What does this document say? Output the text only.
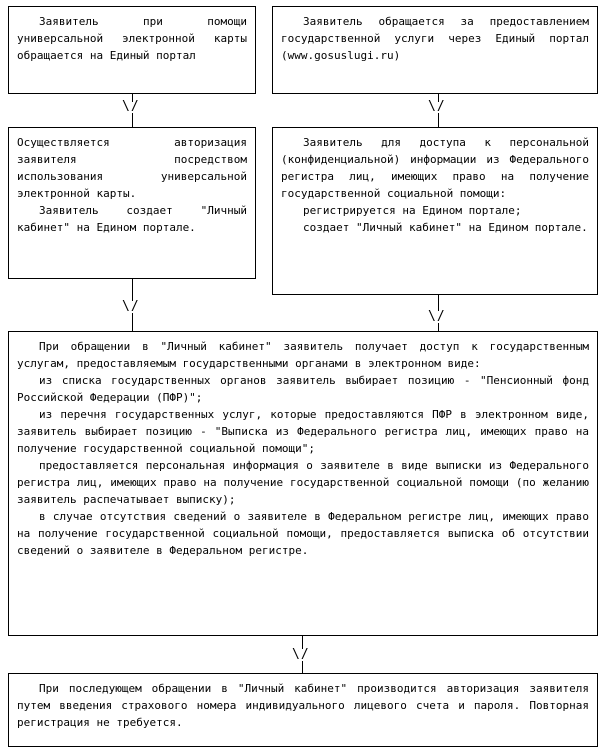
Заявитель при помощи универсальной электронной карты обращается на Единый портал

Заявитель обращается за предоставлением государственной услуги через Единый портал (www.gosuslugi.ru)

Осуществляется авторизация заявителя посредством использования универсальной электронной карты.

Заявитель создает "Личный кабинет" на Едином портале.

Заявитель для доступа к персональной (конфиденциальной) информации из Федерального регистра лиц, имеющих право на получение государственной социальной помощи:

регистрируется на Едином портале;

создает "Личный кабинет" на Едином портале.

При обращении в "Личный кабинет" заявитель получает доступ к государственным услугам, предоставляемым государственными органами в электронном виде:

из списка государственных органов заявитель выбирает позицию - "Пенсионный фонд Российской Федерации (ПФР)";

из перечня государственных услуг, которые предоставляются ПФР в электронном виде, заявитель выбирает позицию - "Выписка из Федерального регистра лиц, имеющих право на получение государственной социальной помощи";

предоставляется персональная информация о заявителе в виде выписки из Федерального регистра лиц, имеющих право на получение государственной социальной помощи (по желанию заявитель распечатывает выписку);

в случае отсутствия сведений о заявителе в Федеральном регистре лиц, имеющих право на получение государственной социальной помощи, предоставляется выписка об отсутствии сведений о заявителе в Федеральном регистре.

При последующем обращении в "Личный кабинет" производится авторизация заявителя путем введения страхового номера индивидуального лицевого счета и пароля. Повторная регистрация не требуется.

\/	\/
\/
\/
\/
